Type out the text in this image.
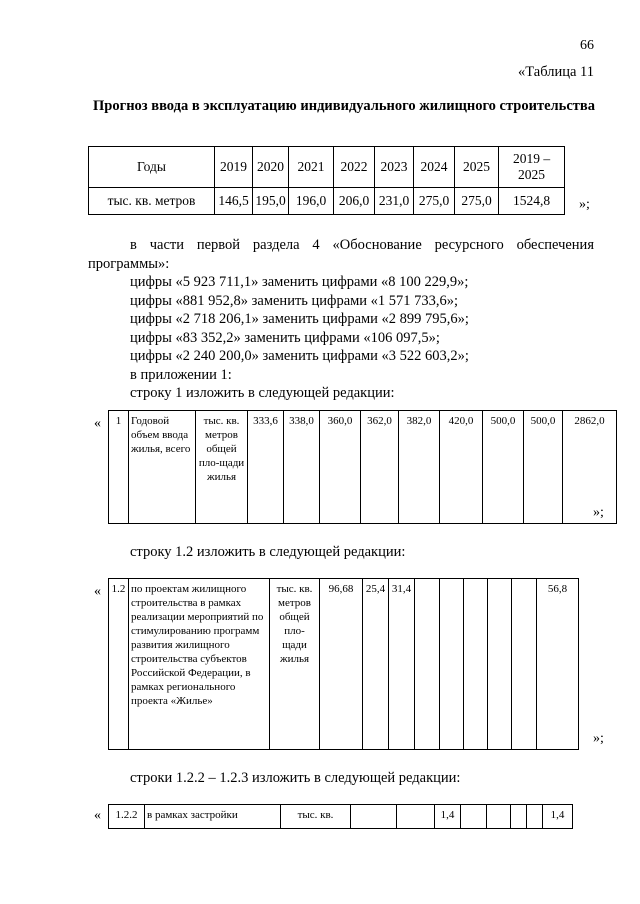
66
«Таблица 11
Прогноз ввода в эксплуатацию индивидуального жилищного строительства
Годы	2019	2020	2021	2022	2023	2024	2025	2019 – 2025
тыс. кв. метров	146,5	195,0	196,0	206,0	231,0	275,0	275,0	1524,8 »;
в части первой раздела 4 «Обоснование ресурсного обеспечения программы»:
цифры «5 923 711,1» заменить цифрами «8 100 229,9»;
цифры «881 952,8» заменить цифрами «1 571 733,6»;
цифры «2 718 206,1» заменить цифрами «2 899 795,6»;
цифры «83 352,2» заменить цифрами «106 097,5»;
цифры «2 240 200,0» заменить цифрами «3 522 603,2»;
в приложении 1:
строку 1 изложить в следующей редакции:
« 1	Годовой объем ввода жилья, всего	тыс. кв. метров общей пло-щади жилья	333,6	338,0	360,0	362,0	382,0	420,0	500,0	500,0	2862,0
»;
строку 1.2 изложить в следующей редакции:
« 1.2	по проектам жилищного строительства в рамках реализации мероприятий по стимулированию программ развития жилищного строительства субъектов Российской Федерации, в рамках регионального проекта «Жилье»	тыс. кв. метров общей пло-щади жилья	96,68	25,4	31,4						56,8
»;
строки 1.2.2 – 1.2.3 изложить в следующей редакции:
« 1.2.2	в рамках застройки	тыс. кв.			1,4					1,4
